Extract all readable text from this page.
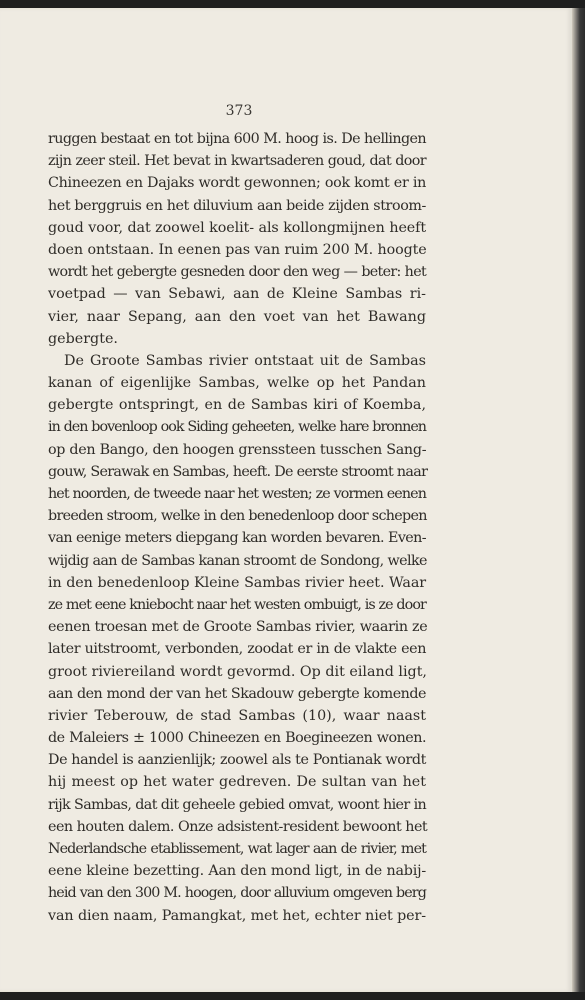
373
ruggen bestaat en tot bijna 600 M. hoog is. De hellingen
zijn zeer steil. Het bevat in kwartsaderen goud, dat door
Chineezen en Dajaks wordt gewonnen; ook komt er in
het berggruis en het diluvium aan beide zijden stroom-
goud voor, dat zoowel koelit- als kollongmijnen heeft
doen ontstaan. In eenen pas van ruim 200 M. hoogte
wordt het gebergte gesneden door den weg — beter: het
voetpad — van Sebawi, aan de Kleine Sambas ri-
vier, naar Sepang, aan den voet van het Bawang
gebergte.
De Groote Sambas rivier ontstaat uit de Sambas
kanan of eigenlijke Sambas, welke op het Pandan
gebergte ontspringt, en de Sambas kiri of Koemba,
in den bovenloop ook Siding geheeten, welke hare bronnen
op den Bango, den hoogen grenssteen tusschen Sang-
gouw, Serawak en Sambas, heeft. De eerste stroomt naar
het noorden, de tweede naar het westen; ze vormen eenen
breeden stroom, welke in den benedenloop door schepen
van eenige meters diepgang kan worden bevaren. Even-
wijdig aan de Sambas kanan stroomt de Sondong, welke
in den benedenloop Kleine Sambas rivier heet. Waar
ze met eene kniebocht naar het westen ombuigt, is ze door
eenen troesan met de Groote Sambas rivier, waarin ze
later uitstroomt, verbonden, zoodat er in de vlakte een
groot riviereiland wordt gevormd. Op dit eiland ligt,
aan den mond der van het Skadouw gebergte komende
rivier Teberouw, de stad Sambas (10), waar naast
de Maleiers ± 1000 Chineezen en Boegineezen wonen.
De handel is aanzienlijk; zoowel als te Pontianak wordt
hij meest op het water gedreven. De sultan van het
rijk Sambas, dat dit geheele gebied omvat, woont hier in
een houten dalem. Onze adsistent-resident bewoont het
Nederlandsche etablissement, wat lager aan de rivier, met
eene kleine bezetting. Aan den mond ligt, in de nabij-
heid van den 300 M. hoogen, door alluvium omgeven berg
van dien naam, Pamangkat, met het, echter niet per-
